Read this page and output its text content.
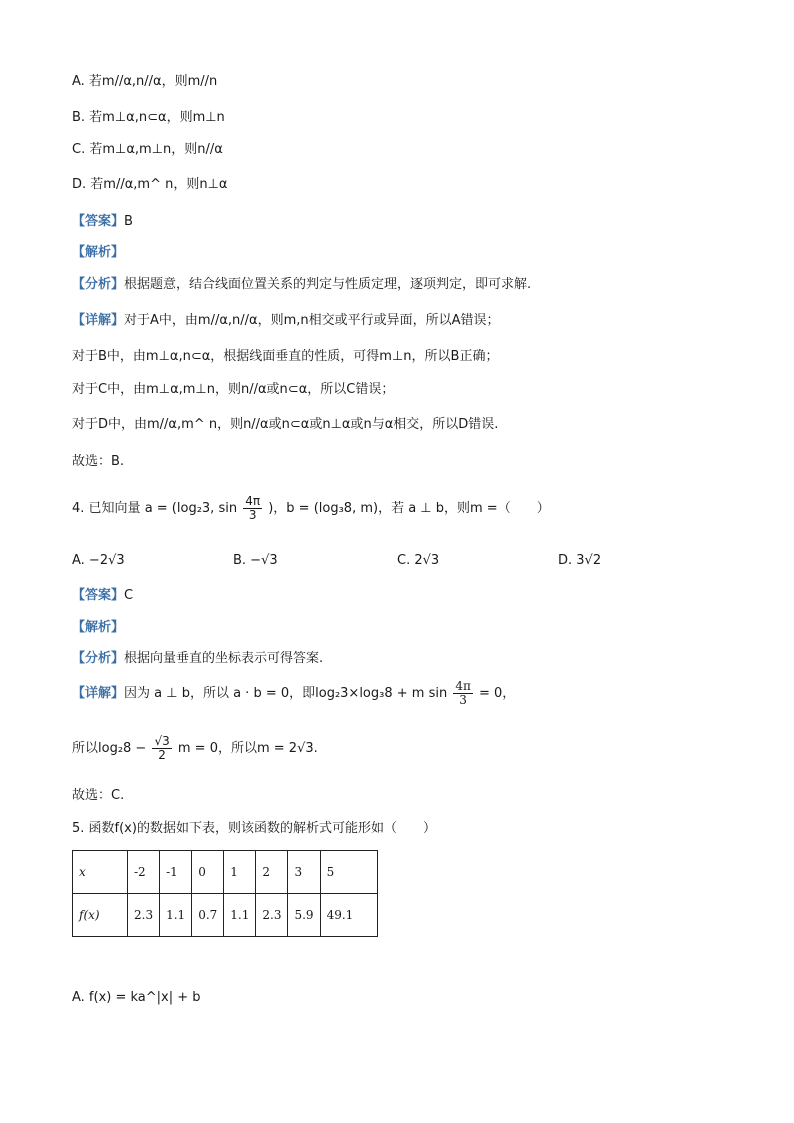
A. 若m//α,n//α，则m//n
B. 若m⊥α,n⊂α，则m⊥n
C. 若m⊥α,m⊥n，则n//α
D. 若m//α,m^ n，则n⊥α
【答案】B
【解析】
【分析】根据题意，结合线面位置关系的判定与性质定理，逐项判定，即可求解.
【详解】对于A中，由m//α,n//α，则m,n相交或平行或异面，所以A错误；
对于B中，由m⊥α,n⊂α，根据线面垂直的性质，可得m⊥n，所以B正确；
对于C中，由m⊥α,m⊥n，则n//α或n⊂α，所以C错误；
对于D中，由m//α,m^ n，则n//α或n⊂α或n⊥α或n与α相交，所以D错误.
故选：B.
4. 已知向量 a = (log₂3, $\sin \frac{4\pi}{3}$ )，b = (log₃8, m)，若 a ⊥ b，则m =（　　）
A. −2√3	B. −√3	C. 2√3	D. 3√2
【答案】C
【解析】
【分析】根据向量垂直的坐标表示可得答案.
【详解】因为 a ⊥ b，所以 a · b = 0，即log₂3×log₃8 + m $\sin \frac{4\pi}{3} = 0$，
所以$\log_28 - \frac{√3}{2}$ m = 0，所以m = 2√3.
故选：C.
5. 函数f(x)的数据如下表，则该函数的解析式可能形如（　　）
x	-2	-1	0	1	2	3	5
f(x)	2.3	1.1	0.7	1.1	2.3	5.9	49.1
A. f(x) = ka^|x| + b
